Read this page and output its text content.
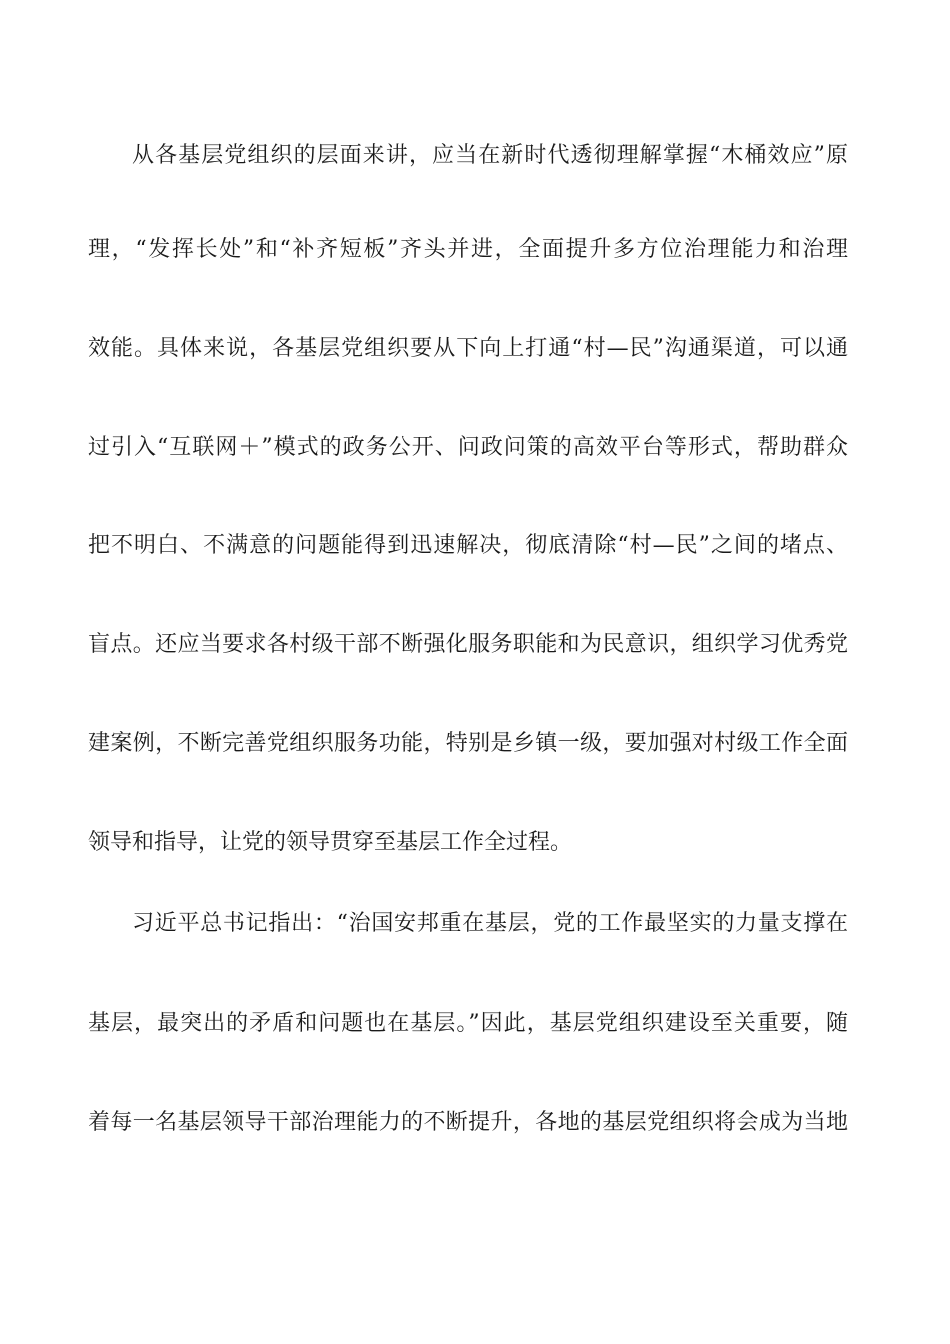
从各基层党组织的层面来讲，应当在新时代透彻理解掌握“木桶效应”原
理，“发挥长处”和“补齐短板”齐头并进，全面提升多方位治理能力和治理
效能。具体来说，各基层党组织要从下向上打通“村—民”沟通渠道，可以通
过引入“互联网＋”模式的政务公开、问政问策的高效平台等形式，帮助群众
把不明白、不满意的问题能得到迅速解决，彻底清除“村—民”之间的堵点、
盲点。还应当要求各村级干部不断强化服务职能和为民意识，组织学习优秀党
建案例，不断完善党组织服务功能，特别是乡镇一级，要加强对村级工作全面
领导和指导，让党的领导贯穿至基层工作全过程。
习近平总书记指出：“治国安邦重在基层，党的工作最坚实的力量支撑在
基层，最突出的矛盾和问题也在基层。”因此，基层党组织建设至关重要，随
着每一名基层领导干部治理能力的不断提升，各地的基层党组织将会成为当地
